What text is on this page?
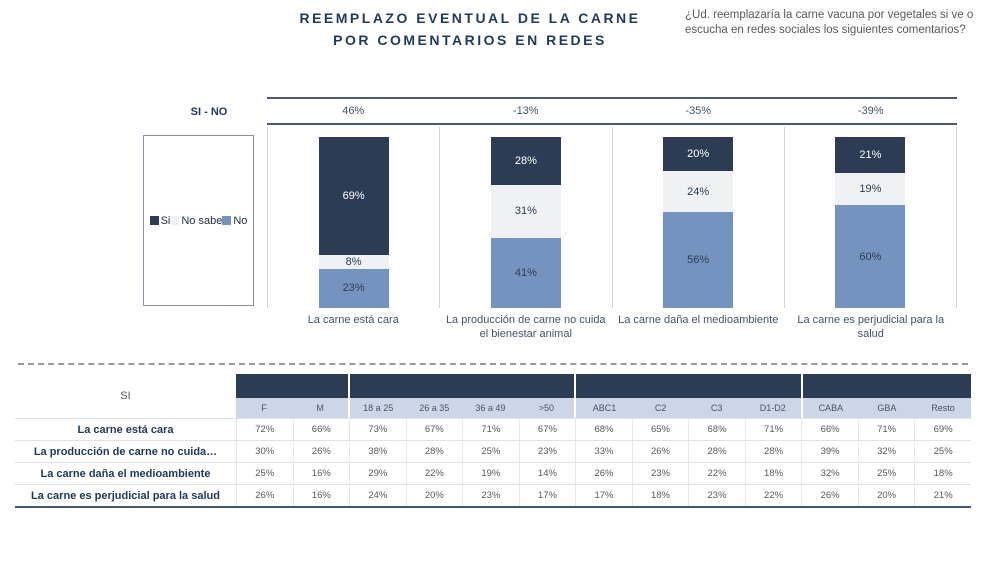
REEMPLAZO EVENTUAL DE LA CARNE
POR COMENTARIOS EN REDES
¿Ud. reemplazaría la carne vacuna por vegetales si ve o escucha en redes sociales los siguientes comentarios?
SI - NO	46%	-13%	-35%	-39%
Si No sabe No
69%
8%
23%
28%
31%
41%
20%
24%
56%
21%
19%
60%
La carne está cara	La producción de carne no cuida el bienestar animal
La carne daña el medioambiente	La carne es perjudicial para la salud
SI
F	M	18 a 25	26 a 35	36 a 49	>50	ABC1	C2	C3	D1-D2	CABA	GBA	Resto
La carne está cara	72%	66%	73%	67%	71%	67%	68%	65%	68%	71%	66%	71%	69%
La producción de carne no cuida…	30%	26%	38%	28%	25%	23%	33%	26%	28%	28%	39%	32%	25%
La carne daña el medioambiente	25%	16%	29%	22%	19%	14%	26%	23%	22%	18%	32%	25%	18%
La carne es perjudicial para la salud	26%	16%	24%	20%	23%	17%	17%	18%	23%	22%	26%	20%	21%
